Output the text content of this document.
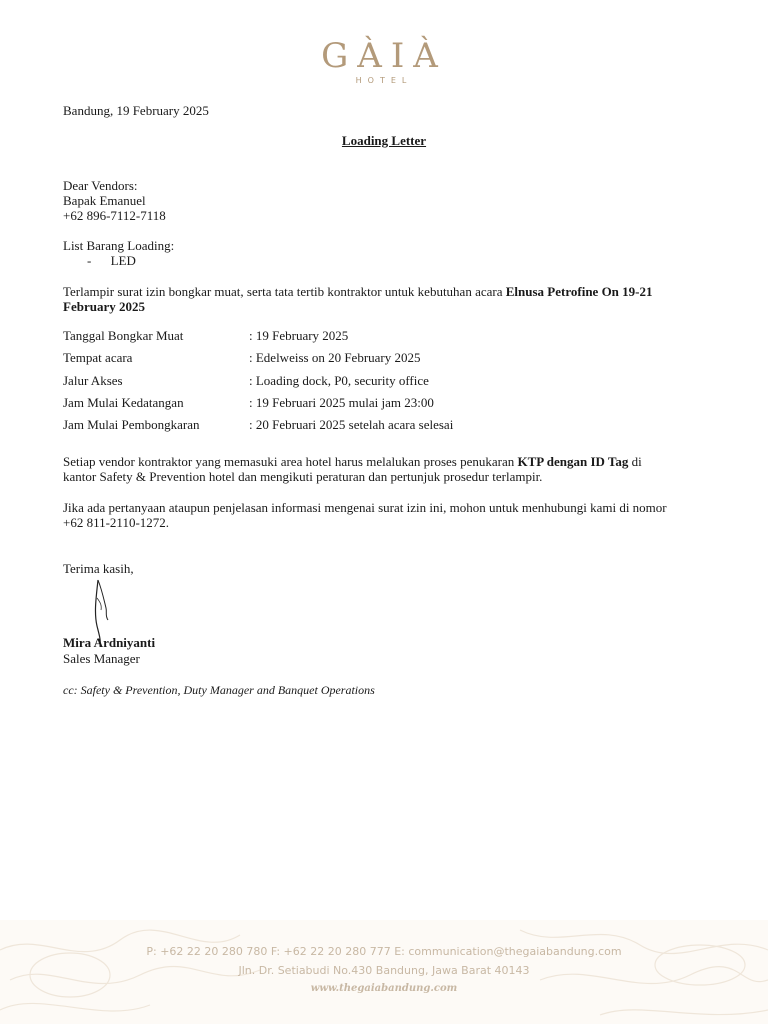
GÀIÀ
HOTEL
Bandung, 19 February 2025
Loading Letter
Dear Vendors:
Bapak Emanuel
+62 896-7112-7118
List Barang Loading:
- LED
Terlampir surat izin bongkar muat, serta tata tertib kontraktor untuk kebutuhan acara Elnusa Petrofine On 19-21
February 2025
Tanggal Bongkar Muat	: 19 February 2025
Tempat acara	: Edelweiss on 20 February 2025
Jalur Akses	: Loading dock, P0, security office
Jam Mulai Kedatangan	: 19 Februari 2025 mulai jam 23:00
Jam Mulai Pembongkaran	: 20 Februari 2025 setelah acara selesai
Setiap vendor kontraktor yang memasuki area hotel harus melalukan proses penukaran KTP dengan ID Tag di
kantor Safety & Prevention hotel dan mengikuti peraturan dan pertunjuk prosedur terlampir.
Jika ada pertanyaan ataupun penjelasan informasi mengenai surat izin ini, mohon untuk menhubungi kami di nomor
+62 811-2110-1272.
Terima kasih,
Mira Ardniyanti
Sales Manager
cc: Safety & Prevention, Duty Manager and Banquet Operations
P: +62 22 20 280 780 F: +62 22 20 280 777 E: communication@thegaiabandung.com
Jln. Dr. Setiabudi No.430 Bandung, Jawa Barat 40143
www.thegaiabandung.com
